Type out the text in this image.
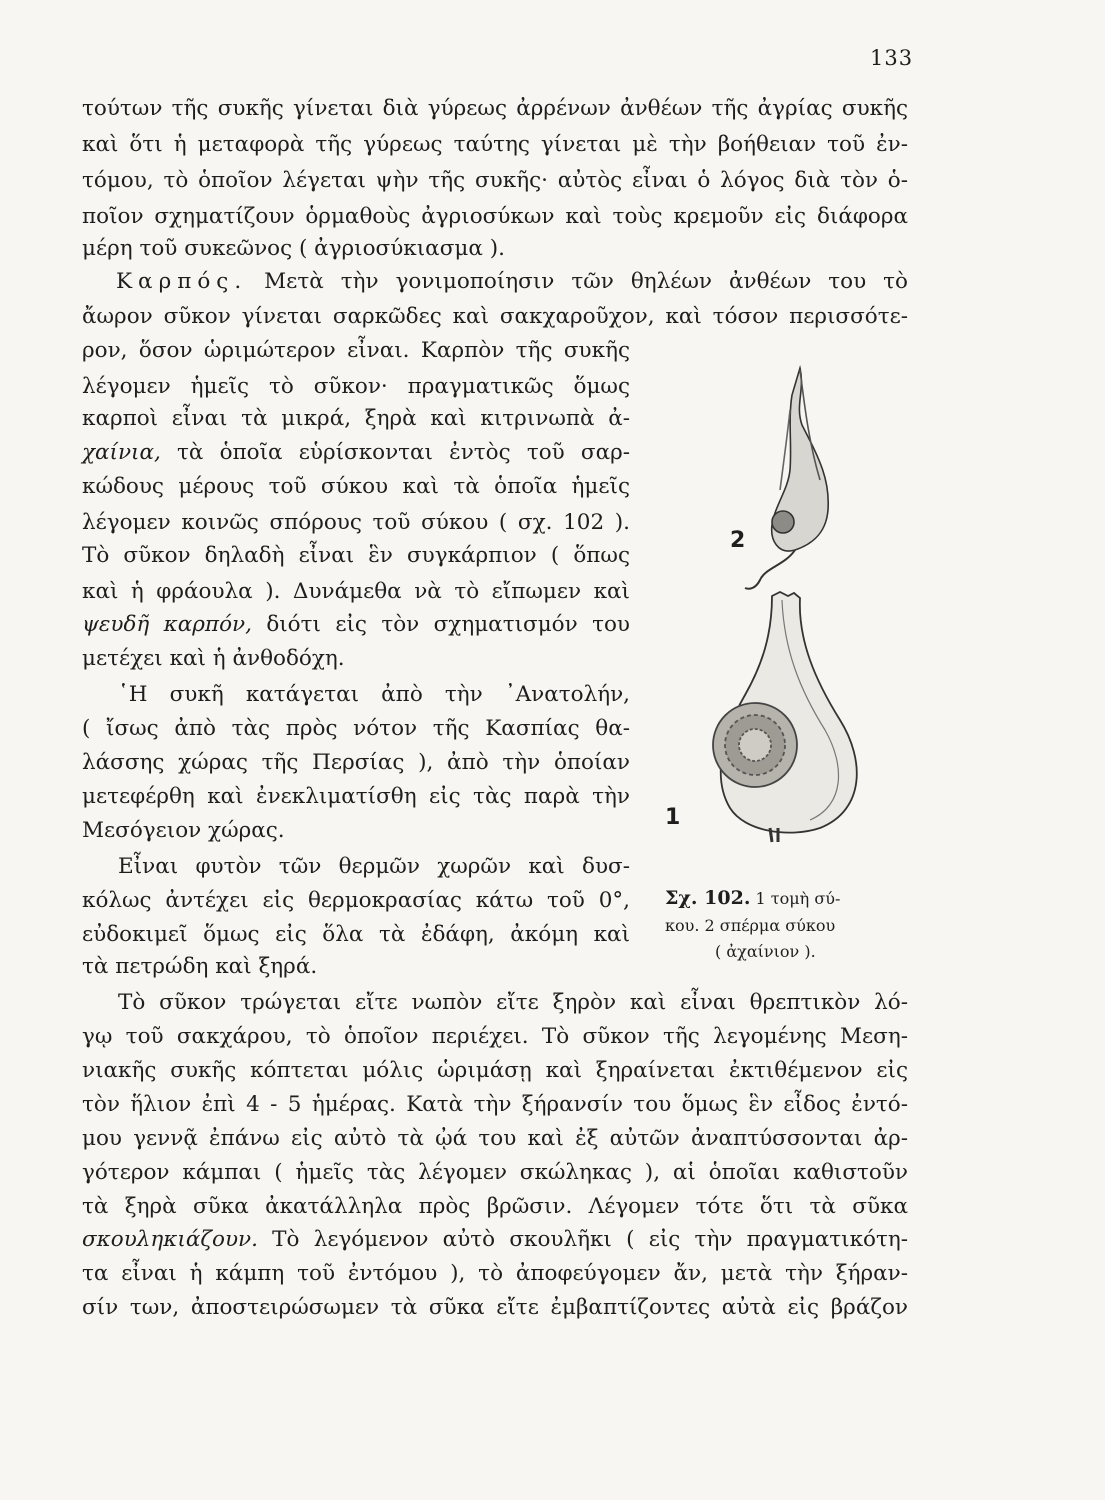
133
τούτων τῆς συκῆς γίνεται διὰ γύρεως ἀρρένων ἀνθέων τῆς ἀγρίας συκῆς
καὶ ὅτι ἡ μεταφορὰ τῆς γύρεως ταύτης γίνεται μὲ τὴν βοήθειαν τοῦ ἐν-
τόμου, τὸ ὁποῖον λέγεται ψὴν τῆς συκῆς· αὐτὸς εἶναι ὁ λόγος διὰ τὸν ὁ-
ποῖον σχηματίζουν ὁρμαθοὺς ἀγριοσύκων καὶ τοὺς κρεμοῦν εἰς διάφορα
μέρη τοῦ συκεῶνος ( ἀγριοσύκιασμα ).
Καρπός. Μετὰ τὴν γονιμοποίησιν τῶν θηλέων ἀνθέων του τὸ
ἄωρον σῦκον γίνεται σαρκῶδες καὶ σακχαροῦχον, καὶ τόσον περισσότε-
ρον, ὅσον ὡριμώτερον εἶναι. Καρπὸν τῆς συκῆς
λέγομεν ἡμεῖς τὸ σῦκον· πραγματικῶς ὅμως
καρποὶ εἶναι τὰ μικρά, ξηρὰ καὶ κιτρινωπὰ ἀ-
χαίνια, τὰ ὁποῖα εὑρίσκονται ἐντὸς τοῦ σαρ-
κώδους μέρους τοῦ σύκου καὶ τὰ ὁποῖα ἡμεῖς
λέγομεν κοινῶς σπόρους τοῦ σύκου ( σχ. 102 ).
Τὸ σῦκον δηλαδὴ εἶναι ἓν συγκάρπιον ( ὅπως
καὶ ἡ φράουλα ). Δυνάμεθα νὰ τὸ εἴπωμεν καὶ
ψευδῆ καρπόν, διότι εἰς τὸν σχηματισμόν του
μετέχει καὶ ἡ ἀνθοδόχη.
῾Η συκῆ κατάγεται ἀπὸ τὴν ᾿Ανατολήν,
( ἴσως ἀπὸ τὰς πρὸς νότον τῆς Κασπίας θα-
λάσσης χώρας τῆς Περσίας ), ἀπὸ τὴν ὁποίαν
μετεφέρθη καὶ ἐνεκλιματίσθη εἰς τὰς παρὰ τὴν
Μεσόγειον χώρας.
Εἶναι φυτὸν τῶν θερμῶν χωρῶν καὶ δυσ-
κόλως ἀντέχει εἰς θερμοκρασίας κάτω τοῦ 0°,
εὐδοκιμεῖ ὅμως εἰς ὅλα τὰ ἐδάφη, ἀκόμη καὶ
τὰ πετρώδη καὶ ξηρά.
2
1
Σχ. 102. 1 τομὴ σύ-
κου. 2 σπέρμα σύκου
( ἀχαίνιον ).
Τὸ σῦκον τρώγεται εἴτε νωπὸν εἴτε ξηρὸν καὶ εἶναι θρεπτικὸν λό-
γῳ τοῦ σακχάρου, τὸ ὁποῖον περιέχει. Τὸ σῦκον τῆς λεγομένης Μεση-
νιακῆς συκῆς κόπτεται μόλις ὡριμάσῃ καὶ ξηραίνεται ἐκτιθέμενον εἰς
τὸν ἥλιον ἐπὶ 4 - 5 ἡμέρας. Κατὰ τὴν ξήρανσίν του ὅμως ἓν εἶδος ἐντό-
μου γεννᾷ ἐπάνω εἰς αὐτὸ τὰ ᾠά του καὶ ἐξ αὐτῶν ἀναπτύσσονται ἀρ-
γότερον κάμπαι ( ἡμεῖς τὰς λέγομεν σκώληκας ), αἱ ὁποῖαι καθιστοῦν
τὰ ξηρὰ σῦκα ἀκατάλληλα πρὸς βρῶσιν. Λέγομεν τότε ὅτι τὰ σῦκα
σκουληκιάζουν. Τὸ λεγόμενον αὐτὸ σκουλῆκι ( εἰς τὴν πραγματικότη-
τα εἶναι ἡ κάμπη τοῦ ἐντόμου ), τὸ ἀποφεύγομεν ἄν, μετὰ τὴν ξήραν-
σίν των, ἀποστειρώσωμεν τὰ σῦκα εἴτε ἐμβαπτίζοντες αὐτὰ εἰς βράζον
